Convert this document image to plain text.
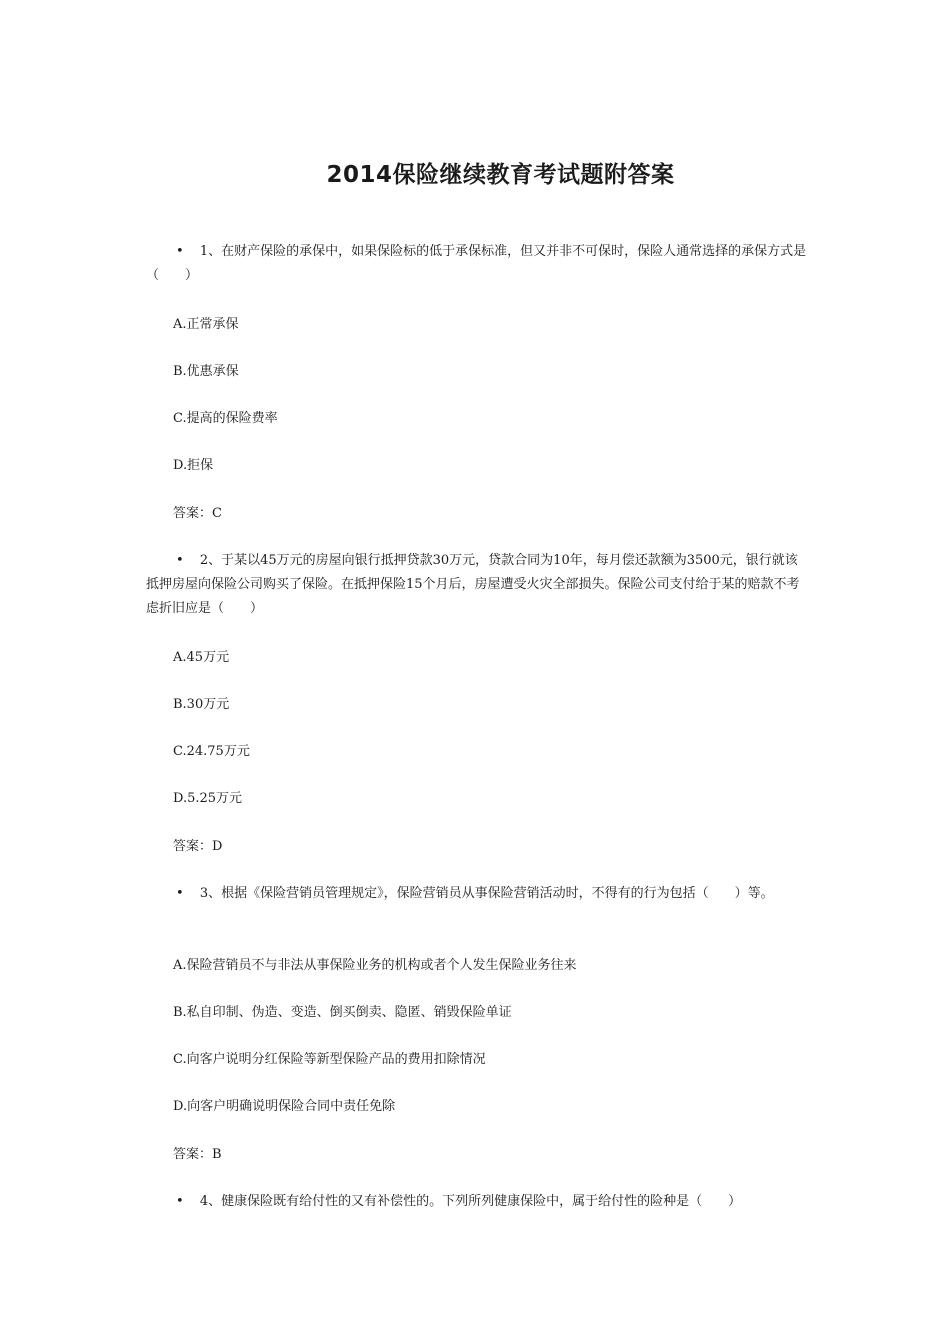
2014保险继续教育考试题附答案
• 1、在财产保险的承保中，如果保险标的低于承保标准，但又并非不可保时，保险人通常选择的承保方式是（　　）
A.正常承保
B.优惠承保
C.提高的保险费率
D.拒保
答案：C
• 2、于某以45万元的房屋向银行抵押贷款30万元，贷款合同为10年，每月偿还款额为3500元，银行就该抵押房屋向保险公司购买了保险。在抵押保险15个月后，房屋遭受火灾全部损失。保险公司支付给于某的赔款不考虑折旧应是（　　）
A.45万元
B.30万元
C.24.75万元
D.5.25万元
答案：D
• 3、根据《保险营销员管理规定》，保险营销员从事保险营销活动时，不得有的行为包括（　　）等。
A.保险营销员不与非法从事保险业务的机构或者个人发生保险业务往来
B.私自印制、伪造、变造、倒买倒卖、隐匿、销毁保险单证
C.向客户说明分红保险等新型保险产品的费用扣除情况
D.向客户明确说明保险合同中责任免除
答案：B
• 4、健康保险既有给付性的又有补偿性的。下列所列健康保险中，属于给付性的险种是（　　）
